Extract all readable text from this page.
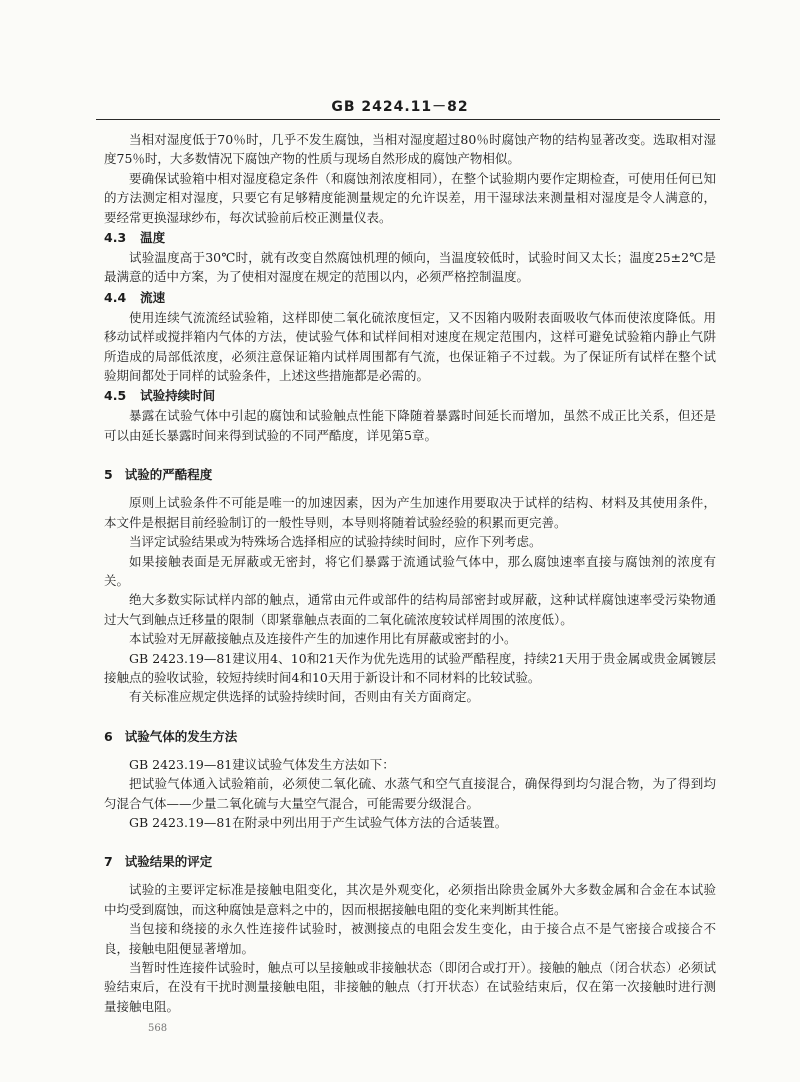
GB 2424.11－82

当相对湿度低于70％时，几乎不发生腐蚀，当相对湿度超过80％时腐蚀产物的结构显著改变。选取相对湿度75％时，大多数情况下腐蚀产物的性质与现场自然形成的腐蚀产物相似。

要确保试验箱中相对湿度稳定条件（和腐蚀剂浓度相同），在整个试验期内要作定期检查，可使用任何已知的方法测定相对湿度，只要它有足够精度能测量规定的允许误差，用干湿球法来测量相对湿度是令人满意的，要经常更换湿球纱布，每次试验前后校正测量仪表。

4.3 温度

试验温度高于30℃时，就有改变自然腐蚀机理的倾向，当温度较低时，试验时间又太长；温度25±2℃是最满意的适中方案，为了使相对湿度在规定的范围以内，必须严格控制温度。

4.4 流速

使用连续气流流经试验箱，这样即使二氧化硫浓度恒定，又不因箱内吸附表面吸收气体而使浓度降低。用移动试样或搅拌箱内气体的方法，使试验气体和试样间相对速度在规定范围内，这样可避免试验箱内静止气阱所造成的局部低浓度，必须注意保证箱内试样周围都有气流，也保证箱子不过载。为了保证所有试样在整个试验期间都处于同样的试验条件，上述这些措施都是必需的。

4.5 试验持续时间

暴露在试验气体中引起的腐蚀和试验触点性能下降随着暴露时间延长而增加，虽然不成正比关系，但还是可以由延长暴露时间来得到试验的不同严酷度，详见第5章。

5 试验的严酷程度

原则上试验条件不可能是唯一的加速因素，因为产生加速作用要取决于试样的结构、材料及其使用条件，本文件是根据目前经验制订的一般性导则，本导则将随着试验经验的积累而更完善。

当评定试验结果或为特殊场合选择相应的试验持续时间时，应作下列考虑。

如果接触表面是无屏蔽或无密封，将它们暴露于流通试验气体中，那么腐蚀速率直接与腐蚀剂的浓度有关。

绝大多数实际试样内部的触点，通常由元件或部件的结构局部密封或屏蔽，这种试样腐蚀速率受污染物通过大气到触点迁移量的限制（即紧靠触点表面的二氧化硫浓度较试样周围的浓度低）。

本试验对无屏蔽接触点及连接件产生的加速作用比有屏蔽或密封的小。

GB 2423.19—81建议用4、10和21天作为优先选用的试验严酷程度，持续21天用于贵金属或贵金属镀层接触点的验收试验，较短持续时间4和10天用于新设计和不同材料的比较试验。

有关标准应规定供选择的试验持续时间，否则由有关方面商定。

6 试验气体的发生方法

GB 2423.19—81建议试验气体发生方法如下：

把试验气体通入试验箱前，必须使二氧化硫、水蒸气和空气直接混合，确保得到均匀混合物，为了得到均匀混合气体——少量二氧化硫与大量空气混合，可能需要分级混合。

GB 2423.19—81在附录中列出用于产生试验气体方法的合适装置。

7 试验结果的评定

试验的主要评定标准是接触电阻变化，其次是外观变化，必须指出除贵金属外大多数金属和合金在本试验中均受到腐蚀，而这种腐蚀是意料之中的，因而根据接触电阻的变化来判断其性能。

当包接和绕接的永久性连接件试验时，被测接点的电阻会发生变化，由于接合点不是气密接合或接合不良，接触电阻便显著增加。

当暂时性连接件试验时，触点可以呈接触或非接触状态（即闭合或打开）。接触的触点（闭合状态）必须试验结束后，在没有干扰时测量接触电阻，非接触的触点（打开状态）在试验结束后，仅在第一次接触时进行测量接触电阻。

568
